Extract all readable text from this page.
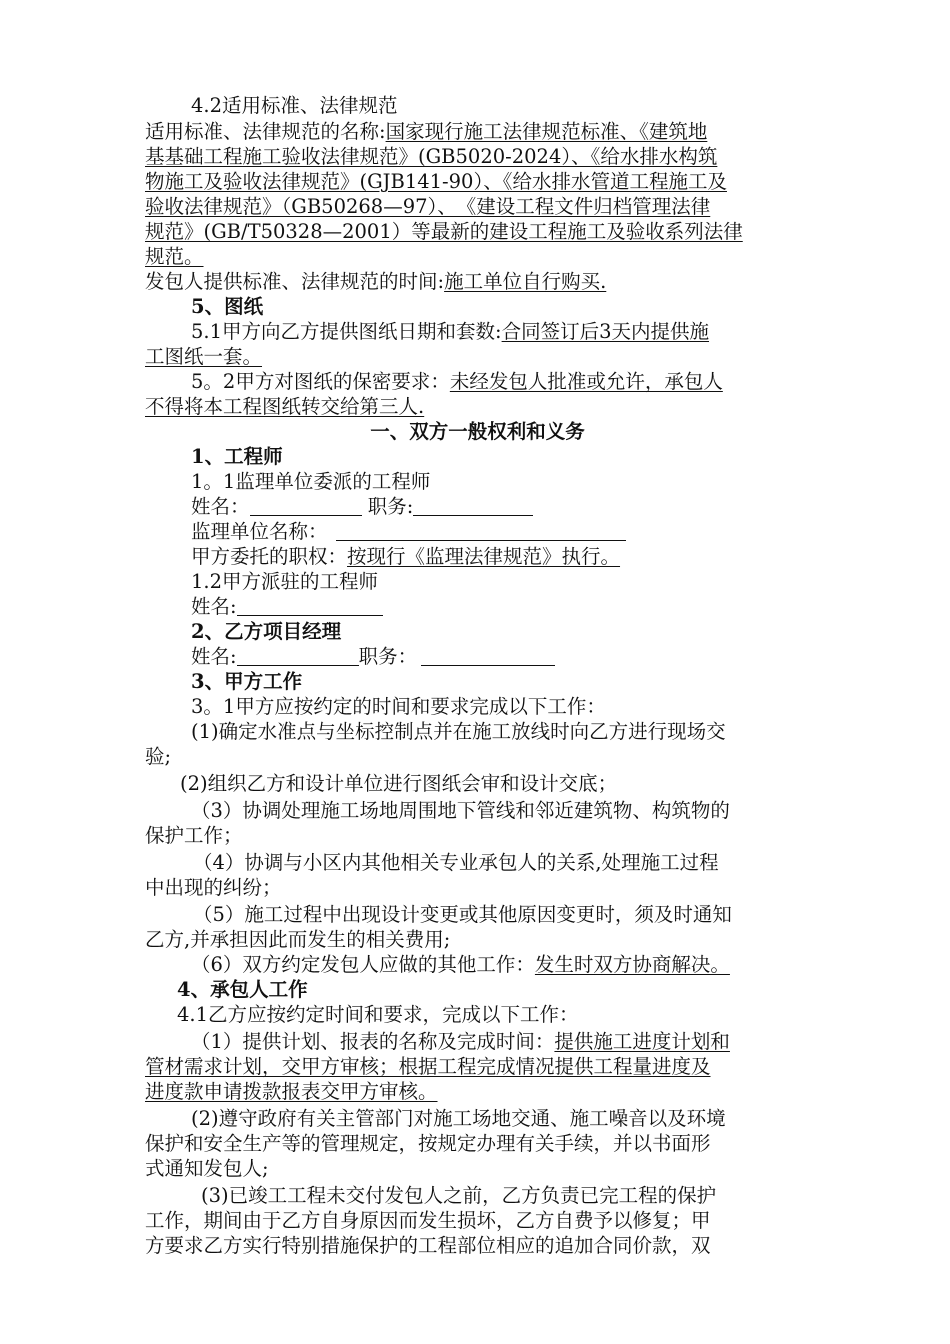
4.2适用标准、法律规范
适用标准、法律规范的名称:国家现行施工法律规范标准、《建筑地
基基础工程施工验收法律规范》(GB5020-2024）、《给水排水构筑
物施工及验收法律规范》(GJB141-90）、《给水排水管道工程施工及
验收法律规范》（GB50268—97）、　《建设工程文件归档管理法律
规范》(GB/T50328—2001）等最新的建设工程施工及验收系列法律
规范。
发包人提供标准、法律规范的时间:施工单位自行购买.
5、图纸
5.1甲方向乙方提供图纸日期和套数:合同签订后3天内提供施
工图纸一套。
5。2甲方对图纸的保密要求：未经发包人批准或允许，承包人
不得将本工程图纸转交给第三人.
一、双方一般权利和义务
1、工程师
1。1监理单位委派的工程师
姓名：	职务:
监理单位名称：
甲方委托的职权：按现行《监理法律规范》执行。
1.2甲方派驻的工程师
姓名:
2、乙方项目经理
姓名:	职务：
3、甲方工作
3。1甲方应按约定的时间和要求完成以下工作：
(1)确定水准点与坐标控制点并在施工放线时向乙方进行现场交
验;
(2)组织乙方和设计单位进行图纸会审和设计交底；
（3）协调处理施工场地周围地下管线和邻近建筑物、构筑物的
保护工作；
（4）协调与小区内其他相关专业承包人的关系,处理施工过程
中出现的纠纷；
（5）施工过程中出现设计变更或其他原因变更时，须及时通知
乙方,并承担因此而发生的相关费用;
（6）双方约定发包人应做的其他工作：发生时双方协商解决。
4、承包人工作
4.1乙方应按约定时间和要求，完成以下工作：
（1）提供计划、报表的名称及完成时间：提供施工进度计划和
管材需求计划，交甲方审核；根据工程完成情况提供工程量进度及
进度款申请拨款报表交甲方审核。
(2)遵守政府有关主管部门对施工场地交通、施工噪音以及环境
保护和安全生产等的管理规定，按规定办理有关手续，并以书面形
式通知发包人;
(3)已竣工工程未交付发包人之前，乙方负责已完工程的保护
工作，期间由于乙方自身原因而发生损坏，乙方自费予以修复；甲
方要求乙方实行特别措施保护的工程部位相应的追加合同价款，双
